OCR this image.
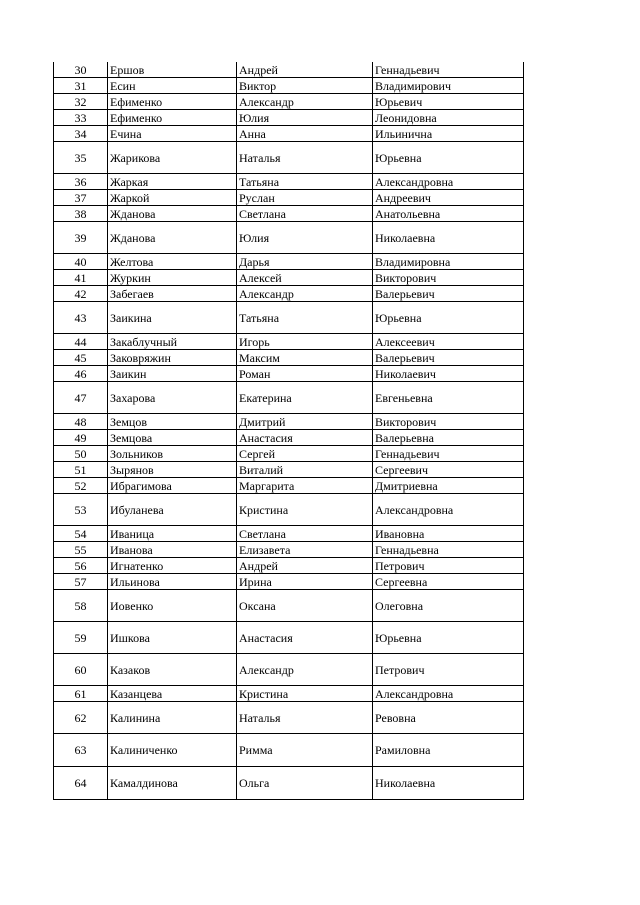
30	Ершов	Андрей	Геннадьевич
31	Есин	Виктор	Владимирович
32	Ефименко	Александр	Юрьевич
33	Ефименко	Юлия	Леонидовна
34	Ечина	Анна	Ильинична
35	Жарикова	Наталья	Юрьевна
36	Жаркая	Татьяна	Александровна
37	Жаркой	Руслан	Андреевич
38	Жданова	Светлана	Анатольевна
39	Жданова	Юлия	Николаевна
40	Желтова	Дарья	Владимировна
41	Журкин	Алексей	Викторович
42	Забегаев	Александр	Валерьевич
43	Заикина	Татьяна	Юрьевна
44	Закаблучный	Игорь	Алексеевич
45	Заковряжин	Максим	Валерьевич
46	Заикин	Роман	Николаевич
47	Захарова	Екатерина	Евгеньевна
48	Земцов	Дмитрий	Викторович
49	Земцова	Анастасия	Валерьевна
50	Зольников	Сергей	Геннадьевич
51	Зырянов	Виталий	Сергеевич
52	Ибрагимова	Маргарита	Дмитриевна
53	Ибуланева	Кристина	Александровна
54	Иваница	Светлана	Ивановна
55	Иванова	Елизавета	Геннадьевна
56	Игнатенко	Андрей	Петрович
57	Ильинова	Ирина	Сергеевна
58	Иовенко	Оксана	Олеговна
59	Ишкова	Анастасия	Юрьевна
60	Казаков	Александр	Петрович
61	Казанцева	Кристина	Александровна
62	Калинина	Наталья	Ревовна
63	Калиниченко	Римма	Рамиловна
64	Камалдинова	Ольга	Николаевна
